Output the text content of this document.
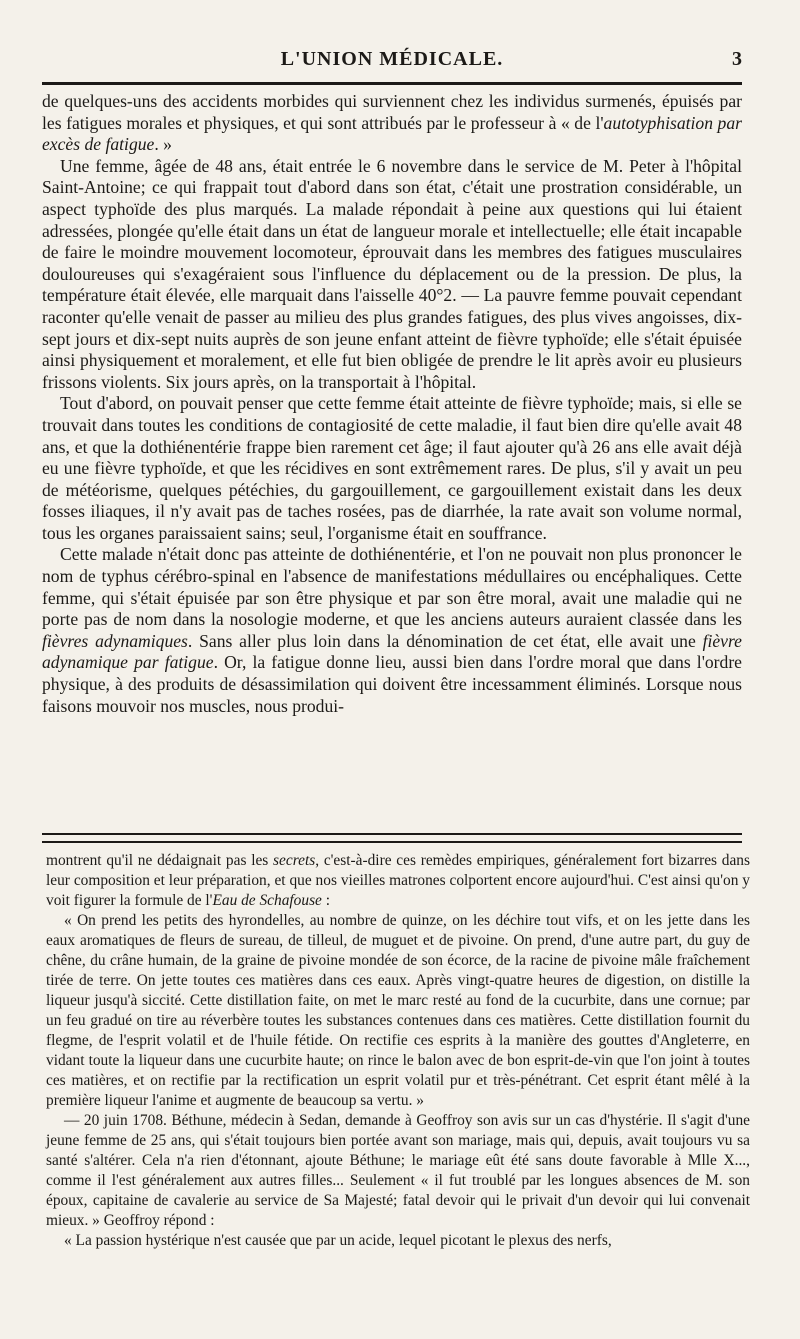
L'UNION MÉDICALE.	3

de quelques-uns des accidents morbides qui surviennent chez les individus surmenés, épuisés par les fatigues morales et physiques, et qui sont attribués par le professeur à « de l'autotyphisation par excès de fatigue. »

Une femme, âgée de 48 ans, était entrée le 6 novembre dans le service de M. Peter à l'hôpital Saint-Antoine; ce qui frappait tout d'abord dans son état, c'était une prostration considérable, un aspect typhoïde des plus marqués. La malade répondait à peine aux questions qui lui étaient adressées, plongée qu'elle était dans un état de langueur morale et intellectuelle; elle était incapable de faire le moindre mouvement locomoteur, éprouvait dans les membres des fatigues musculaires douloureuses qui s'exagéraient sous l'influence du déplacement ou de la pression. De plus, la température était élevée, elle marquait dans l'aisselle 40°2. — La pauvre femme pouvait cependant raconter qu'elle venait de passer au milieu des plus grandes fatigues, des plus vives angoisses, dix-sept jours et dix-sept nuits auprès de son jeune enfant atteint de fièvre typhoïde; elle s'était épuisée ainsi physiquement et moralement, et elle fut bien obligée de prendre le lit après avoir eu plusieurs frissons violents. Six jours après, on la transportait à l'hôpital.

Tout d'abord, on pouvait penser que cette femme était atteinte de fièvre typhoïde; mais, si elle se trouvait dans toutes les conditions de contagiosité de cette maladie, il faut bien dire qu'elle avait 48 ans, et que la dothiénentérie frappe bien rarement cet âge; il faut ajouter qu'à 26 ans elle avait déjà eu une fièvre typhoïde, et que les récidives en sont extrêmement rares. De plus, s'il y avait un peu de météorisme, quelques pétéchies, du gargouillement, ce gargouillement existait dans les deux fosses iliaques, il n'y avait pas de taches rosées, pas de diarrhée, la rate avait son volume normal, tous les organes paraissaient sains; seul, l'organisme était en souffrance.

Cette malade n'était donc pas atteinte de dothiénentérie, et l'on ne pouvait non plus prononcer le nom de typhus cérébro-spinal en l'absence de manifestations médullaires ou encéphaliques. Cette femme, qui s'était épuisée par son être physique et par son être moral, avait une maladie qui ne porte pas de nom dans la nosologie moderne, et que les anciens auteurs auraient classée dans les fièvres adynamiques. Sans aller plus loin dans la dénomination de cet état, elle avait une fièvre adynamique par fatigue. Or, la fatigue donne lieu, aussi bien dans l'ordre moral que dans l'ordre physique, à des produits de désassimilation qui doivent être incessamment éliminés. Lorsque nous faisons mouvoir nos muscles, nous produi-

montrent qu'il ne dédaignait pas les secrets, c'est-à-dire ces remèdes empiriques, généralement fort bizarres dans leur composition et leur préparation, et que nos vieilles matrones colportent encore aujourd'hui. C'est ainsi qu'on y voit figurer la formule de l'Eau de Schafouse :

« On prend les petits des hyrondelles, au nombre de quinze, on les déchire tout vifs, et on les jette dans les eaux aromatiques de fleurs de sureau, de tilleul, de muguet et de pivoine. On prend, d'une autre part, du guy de chêne, du crâne humain, de la graine de pivoine mondée de son écorce, de la racine de pivoine mâle fraîchement tirée de terre. On jette toutes ces matières dans ces eaux. Après vingt-quatre heures de digestion, on distille la liqueur jusqu'à siccité. Cette distillation faite, on met le marc resté au fond de la cucurbite, dans une cornue; par un feu gradué on tire au réverbère toutes les substances contenues dans ces matières. Cette distillation fournit du flegme, de l'esprit volatil et de l'huile fétide. On rectifie ces esprits à la manière des gouttes d'Angleterre, en vidant toute la liqueur dans une cucurbite haute; on rince le balon avec de bon esprit-de-vin que l'on joint à toutes ces matières, et on rectifie par la rectification un esprit volatil pur et très-pénétrant. Cet esprit étant mêlé à la première liqueur l'anime et augmente de beaucoup sa vertu. »

— 20 juin 1708. Béthune, médecin à Sedan, demande à Geoffroy son avis sur un cas d'hystérie. Il s'agit d'une jeune femme de 25 ans, qui s'était toujours bien portée avant son mariage, mais qui, depuis, avait toujours vu sa santé s'altérer. Cela n'a rien d'étonnant, ajoute Béthune; le mariage eût été sans doute favorable à Mlle X..., comme il l'est généralement aux autres filles... Seulement « il fut troublé par les longues absences de M. son époux, capitaine de cavalerie au service de Sa Majesté; fatal devoir qui le privait d'un devoir qui lui convenait mieux. » Geoffroy répond :

« La passion hystérique n'est causée que par un acide, lequel picotant le plexus des nerfs,
